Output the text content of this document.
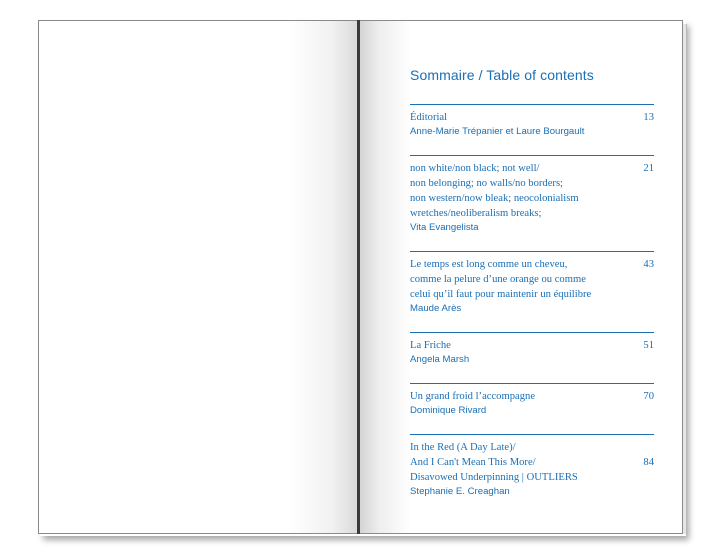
Sommaire / Table of contents
13
Éditorial
Anne-Marie Trépanier et Laure Bourgault
21
non white/non black; not well/
non belonging; no walls/no borders;
non western/now bleak; neocolonialism
wretches/neoliberalism breaks;
Vita Evangelista
43
Le temps est long comme un cheveu,
comme la pelure d’une orange ou comme
celui qu’il faut pour maintenir un équilibre
Maude Arès
51
La Friche
Angela Marsh
70
Un grand froid l’accompagne
Dominique Rivard
84
In the Red (A Day Late)/
And I Can't Mean This More/
Disavowed Underpinning | OUTLIERS
Stephanie E. Creaghan
